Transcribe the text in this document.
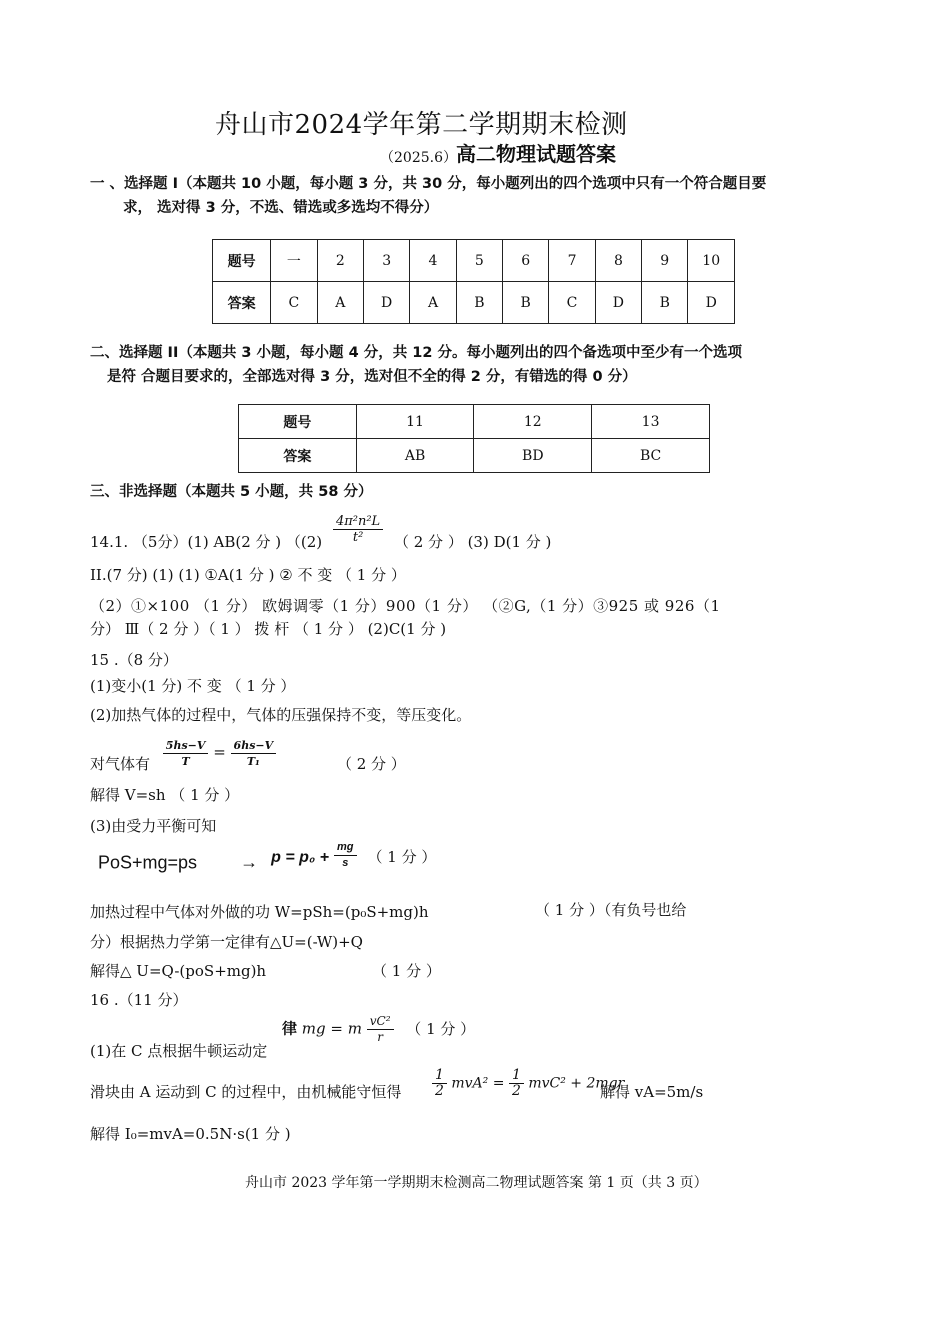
舟山市2024学年第二学期期末检测
（2025.6） 高二物理试题答案
一 、选择题 I（本题共 10 小题，每小题 3 分，共 30 分，每小题列出的四个选项中只有一个符合题目要
求， 选对得 3 分，不选、错选或多选均不得分）
题号	一	2	3	4	5	6	7	8	9	10
答案	C	A	D	A	B	B	C	D	B	D
二、选择题 II（本题共 3 小题，每小题 4 分，共 12 分。每小题列出的四个备选项中至少有一个选项
是符 合题目要求的，全部选对得 3 分，选对但不全的得 2 分，有错选的得 0 分）
题号	11	12	13
答案	AB	BD	BC
三、非选择题（本题共 5 小题，共 58 分）
14.1. （5分）(1) AB(2 分 ) （$(2) \frac{\text{4π²n²L}}{\text{t²}}$ （ 2 分 ） (3) D(1 分 )
II.(7 分) (1) (1) ①A(1 分 ) ② 不 变 （ 1 分 ）
（2）①×100 （1 分） 欧姆调零（1 分）900（1 分） （②G,（1 分）③925 或 926（1
分） Ⅲ（ 2 分 ）（ 1 ） 拨 杆 （ 1 分 ） (2)C(1 分 )
15 .（8 分）
(1)变小(1 分) 不 变 （ 1 分 ）
(2)加热气体的过程中，气体的压强保持不变，等压变化。
对气体有 $\frac{5hs-V}{T} = \frac{6hs-V}{\text{T₁}}$	（ 2 分 ）
解得 V=sh （ 1 分 ）
(3)由受力平衡可知
$PoS+mg=ps \to p = p_0 + \frac{mg}{s} ^{( 1 分 )}$
加热过程中气体对外做的功 W=pSh=(p₀S+mg)h	（ 1 分 ）（有负号也给
分）根据热力学第一定律有△U=(-W)+Q
解得△ U=Q-(poS+mg)h	（ 1 分 ）
16 .（11 分）
(1)在 C 点根据牛顿运动定
律 mg = m $\frac{\text{vC²}}{r}$ （ 1 分 ）
滑块由 A 运动到 C 的过程中，由机械能守恒得 $\frac{1}{2} mvA^2 = \frac{1}{2} mvC^2 + 2mgr$
解得 vA=5m/s
解得 I₀=mvA=0.5N·s(1 分 )
舟山市 2023 学年第一学期期末检测高二物理试题答案 第 1 页（共 3 页）
